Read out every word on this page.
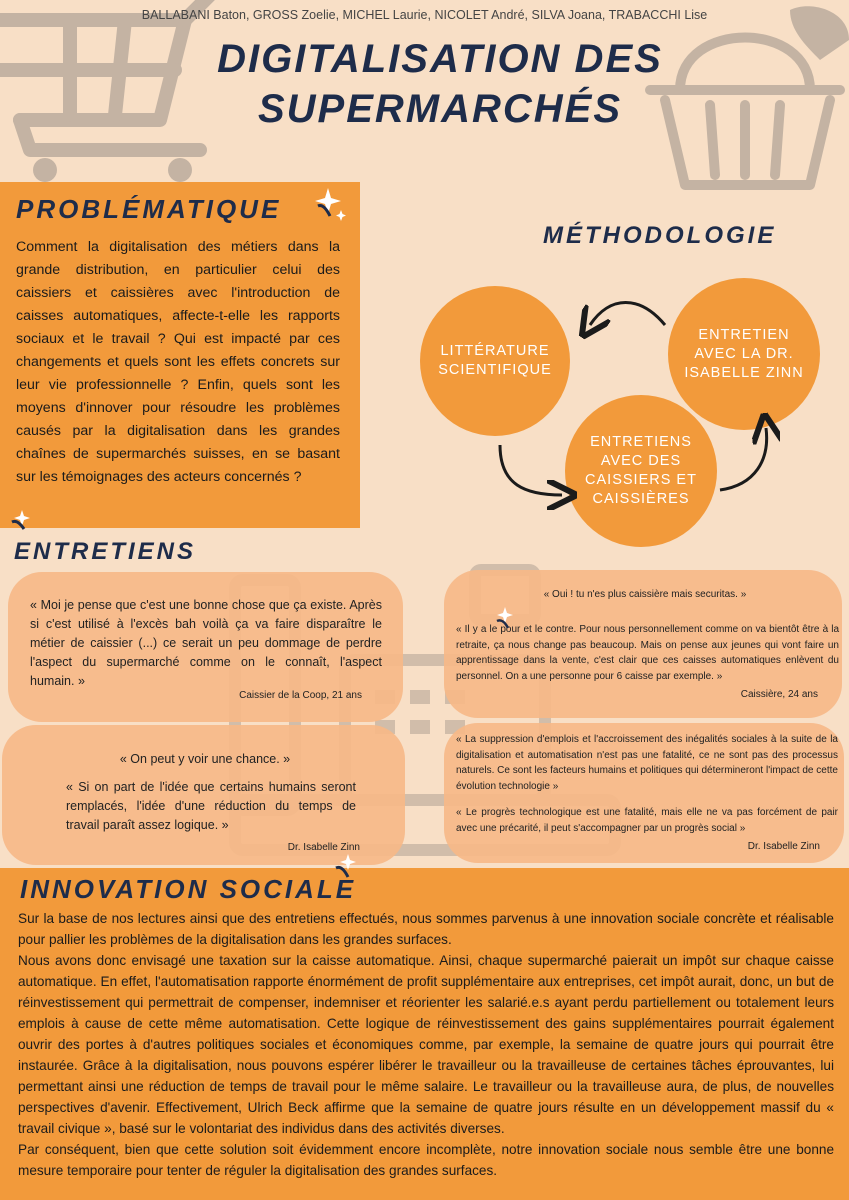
BALLABANI Baton, GROSS Zoelie, MICHEL Laurie, NICOLET André, SILVA Joana, TRABACCHI Lise
DIGITALISATION DES
SUPERMARCHÉS
PROBLÉMATIQUE
Comment la digitalisation des métiers dans la grande distribution, en particulier celui des caissiers et caissières avec l'introduction de caisses automatiques, affecte-t-elle les rapports sociaux et le travail ? Qui est impacté par ces changements et quels sont les effets concrets sur leur vie professionnelle ? Enfin, quels sont les moyens d'innover pour résoudre les problèmes causés par la digitalisation dans les grandes chaînes de supermarchés suisses, en se basant sur les témoignages des acteurs concernés ?
MÉTHODOLOGIE
LITTÉRATURE SCIENTIFIQUE
ENTRETIEN AVEC LA DR. ISABELLE ZINN
ENTRETIENS AVEC DES CAISSIERS ET CAISSIÈRES
ENTRETIENS
« Moi je pense que c'est une bonne chose que ça existe. Après si c'est utilisé à l'excès bah voilà ça va faire disparaître le métier de caissier (...) ce serait un peu dommage de perdre l'aspect du supermarché comme on le connaît, l'aspect humain. »
Caissier de la Coop, 21 ans
« Oui ! tu n'es plus caissière mais securitas. »
« Il y a le pour et le contre. Pour nous personnellement comme on va bientôt être à la retraite, ça nous change pas beaucoup. Mais on pense aux jeunes qui vont faire un apprentissage dans la vente, c'est clair que ces caisses automatiques enlèvent du personnel. On a une personne pour 6 caisse par exemple. »
Caissière, 24 ans
« On peut y voir une chance. »
« Si on part de l'idée que certains humains seront remplacés, l'idée d'une réduction du temps de travail paraît assez logique. »
Dr. Isabelle Zinn
« La suppression d'emplois et l'accroissement des inégalités sociales à la suite de la digitalisation et automatisation n'est pas une fatalité, ce ne sont pas des processus naturels. Ce sont les facteurs humains et politiques qui détermineront l'impact de cette évolution technologie »
« Le progrès technologique est une fatalité, mais elle ne va pas forcément de pair avec une précarité, il peut s'accompagner par un progrès social »
Dr. Isabelle Zinn
INNOVATION SOCIALE

Sur la base de nos lectures ainsi que des entretiens effectués, nous sommes parvenus à une innovation sociale concrète et réalisable pour pallier les problèmes de la digitalisation dans les grandes surfaces.

Nous avons donc envisagé une taxation sur la caisse automatique. Ainsi, chaque supermarché paierait un impôt sur chaque caisse automatique. En effet, l'automatisation rapporte énormément de profit supplémentaire aux entreprises, cet impôt aurait, donc, un but de réinvestissement qui permettrait de compenser, indemniser et réorienter les salarié.e.s ayant perdu partiellement ou totalement leurs emplois à cause de cette même automatisation. Cette logique de réinvestissement des gains supplémentaires pourrait également ouvrir des portes à d'autres politiques sociales et économiques comme, par exemple, la semaine de quatre jours qui pourrait être instaurée. Grâce à la digitalisation, nous pouvons espérer libérer le travailleur ou la travailleuse de certaines tâches éprouvantes, lui permettant ainsi une réduction de temps de travail pour le même salaire. Le travailleur ou la travailleuse aura, de plus, de nouvelles perspectives d'avenir. Effectivement, Ulrich Beck affirme que la semaine de quatre jours résulte en un développement massif du « travail civique », basé sur le volontariat des individus dans des activités diverses.

Par conséquent, bien que cette solution soit évidemment encore incomplète, notre innovation sociale nous semble être une bonne mesure temporaire pour tenter de réguler la digitalisation des grandes surfaces.
